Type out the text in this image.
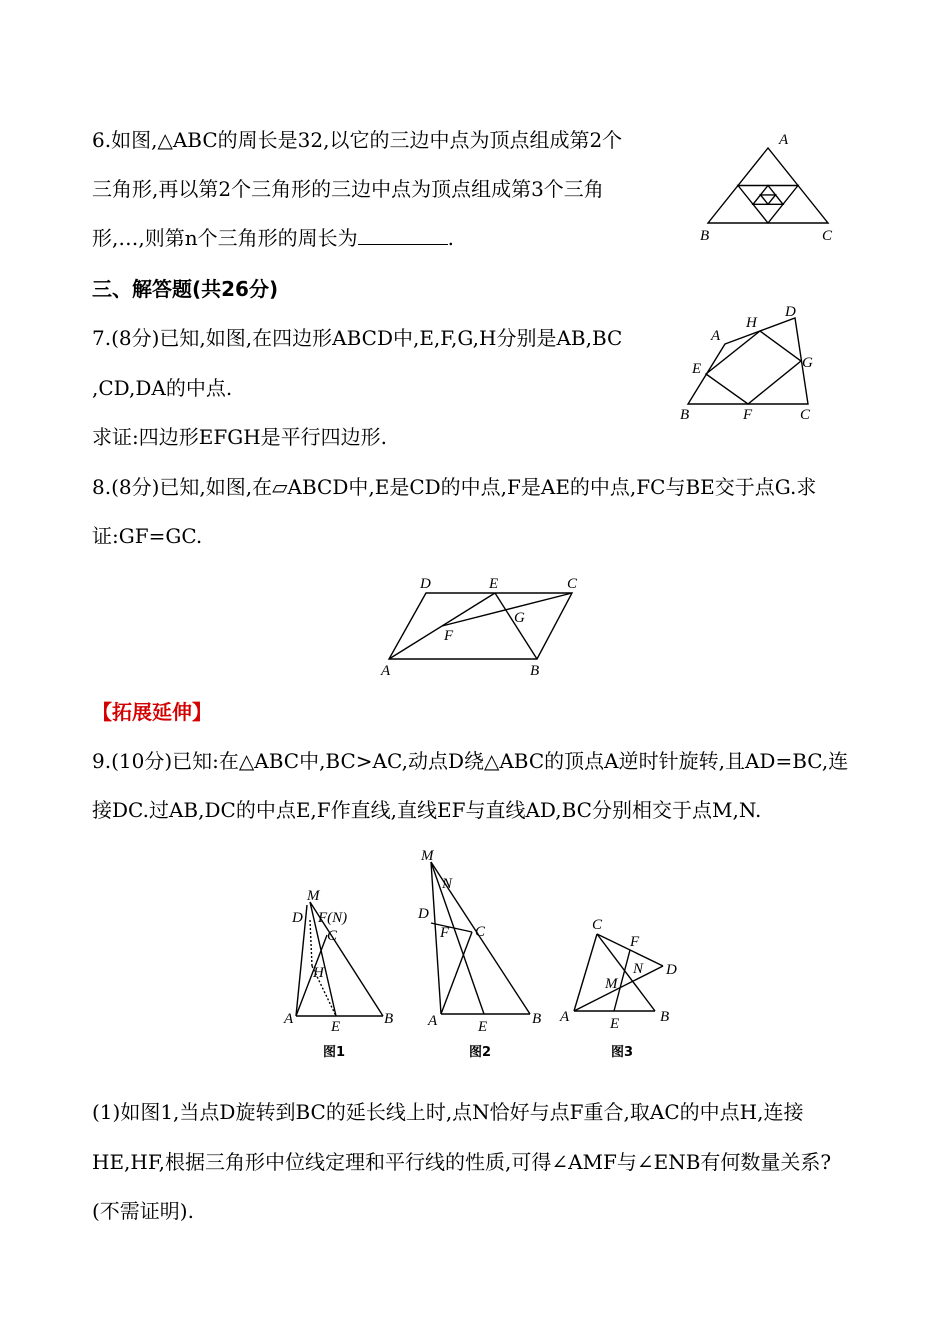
6.如图,△ABC的周长是32,以它的三边中点为顶点组成第2个
三角形,再以第2个三角形的三边中点为顶点组成第3个三角
形,…,则第n个三角形的周长为	.
A
B	C
三、解答题(共26分)
7.(8分)已知,如图,在四边形ABCD中,E,F,G,H分别是AB,BC
,CD,DA的中点.
求证:四边形EFGH是平行四边形.
A
H
D
E	G
B	F	C
8.(8分)已知,如图,在▱ABCD中,E是CD的中点,F是AE的中点,FC与BE交于点G.求
证:GF=GC.
D	E	C
G
F
A	B
【拓展延伸】
9.(10分)已知:在△ABC中,BC>AC,动点D绕△ABC的顶点A逆时针旋转,且AD=BC,连
接DC.过AB,DC的中点E,F作直线,直线EF与直线AD,BC分别相交于点M,N.
M
D F(N)
C
H
A	E	B
图1
M
N
D
F C
A	E	B
图2
C
F
N D
M
A	E	B
图3
(1)如图1,当点D旋转到BC的延长线上时,点N恰好与点F重合,取AC的中点H,连接
HE,HF,根据三角形中位线定理和平行线的性质,可得∠AMF与∠ENB有何数量关系?
(不需证明).
